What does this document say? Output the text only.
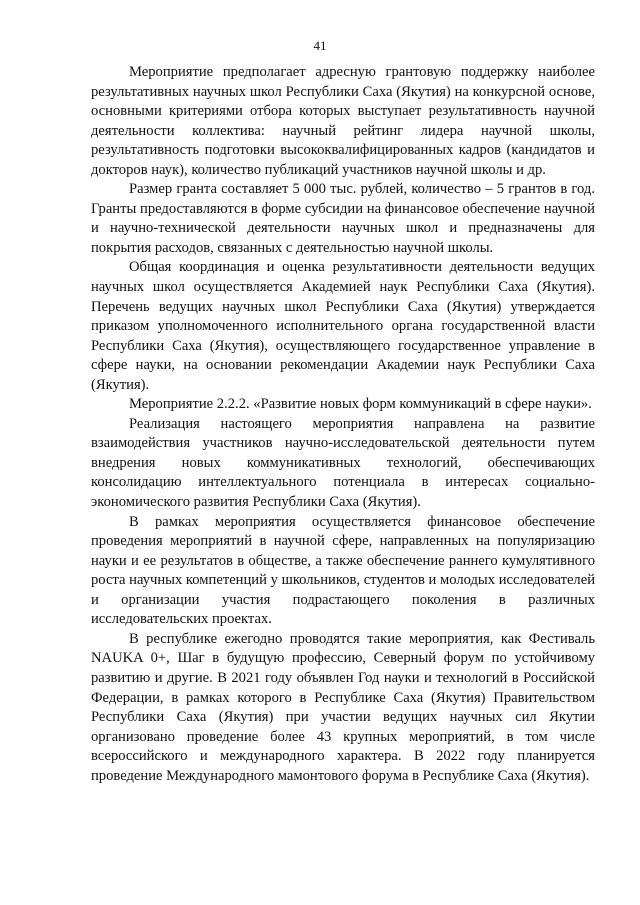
41

Мероприятие предполагает адресную грантовую поддержку наиболее результативных научных школ Республики Саха (Якутия) на конкурсной основе, основными критериями отбора которых выступает результативность научной деятельности коллектива: научный рейтинг лидера научной школы, результативность подготовки высококвалифицированных кадров (кандидатов и докторов наук), количество публикаций участников научной школы и др.

Размер гранта составляет 5 000 тыс. рублей, количество – 5 грантов в год. Гранты предоставляются в форме субсидии на финансовое обеспечение научной и научно-технической деятельности научных школ и предназначены для покрытия расходов, связанных с деятельностью научной школы.

Общая координация и оценка результативности деятельности ведущих научных школ осуществляется Академией наук Республики Саха (Якутия). Перечень ведущих научных школ Республики Саха (Якутия) утверждается приказом уполномоченного исполнительного органа государственной власти Республики Саха (Якутия), осуществляющего государственное управление в сфере науки, на основании рекомендации Академии наук Республики Саха (Якутия).

Мероприятие 2.2.2. «Развитие новых форм коммуникаций в сфере науки».

Реализация настоящего мероприятия направлена на развитие взаимодействия участников научно-исследовательской деятельности путем внедрения новых коммуникативных технологий, обеспечивающих консолидацию интеллектуального потенциала в интересах социально-экономического развития Республики Саха (Якутия).

В рамках мероприятия осуществляется финансовое обеспечение проведения мероприятий в научной сфере, направленных на популяризацию науки и ее результатов в обществе, а также обеспечение раннего кумулятивного роста научных компетенций у школьников, студентов и молодых исследователей и организации участия подрастающего поколения в различных исследовательских проектах.

В республике ежегодно проводятся такие мероприятия, как Фестиваль NAUKA 0+, Шаг в будущую профессию, Северный форум по устойчивому развитию и другие. В 2021 году объявлен Год науки и технологий в Российской Федерации, в рамках которого в Республике Саха (Якутия) Правительством Республики Саха (Якутия) при участии ведущих научных сил Якутии организовано проведение более 43 крупных мероприятий, в том числе всероссийского и международного характера. В 2022 году планируется проведение Международного мамонтового форума в Республике Саха (Якутия).
